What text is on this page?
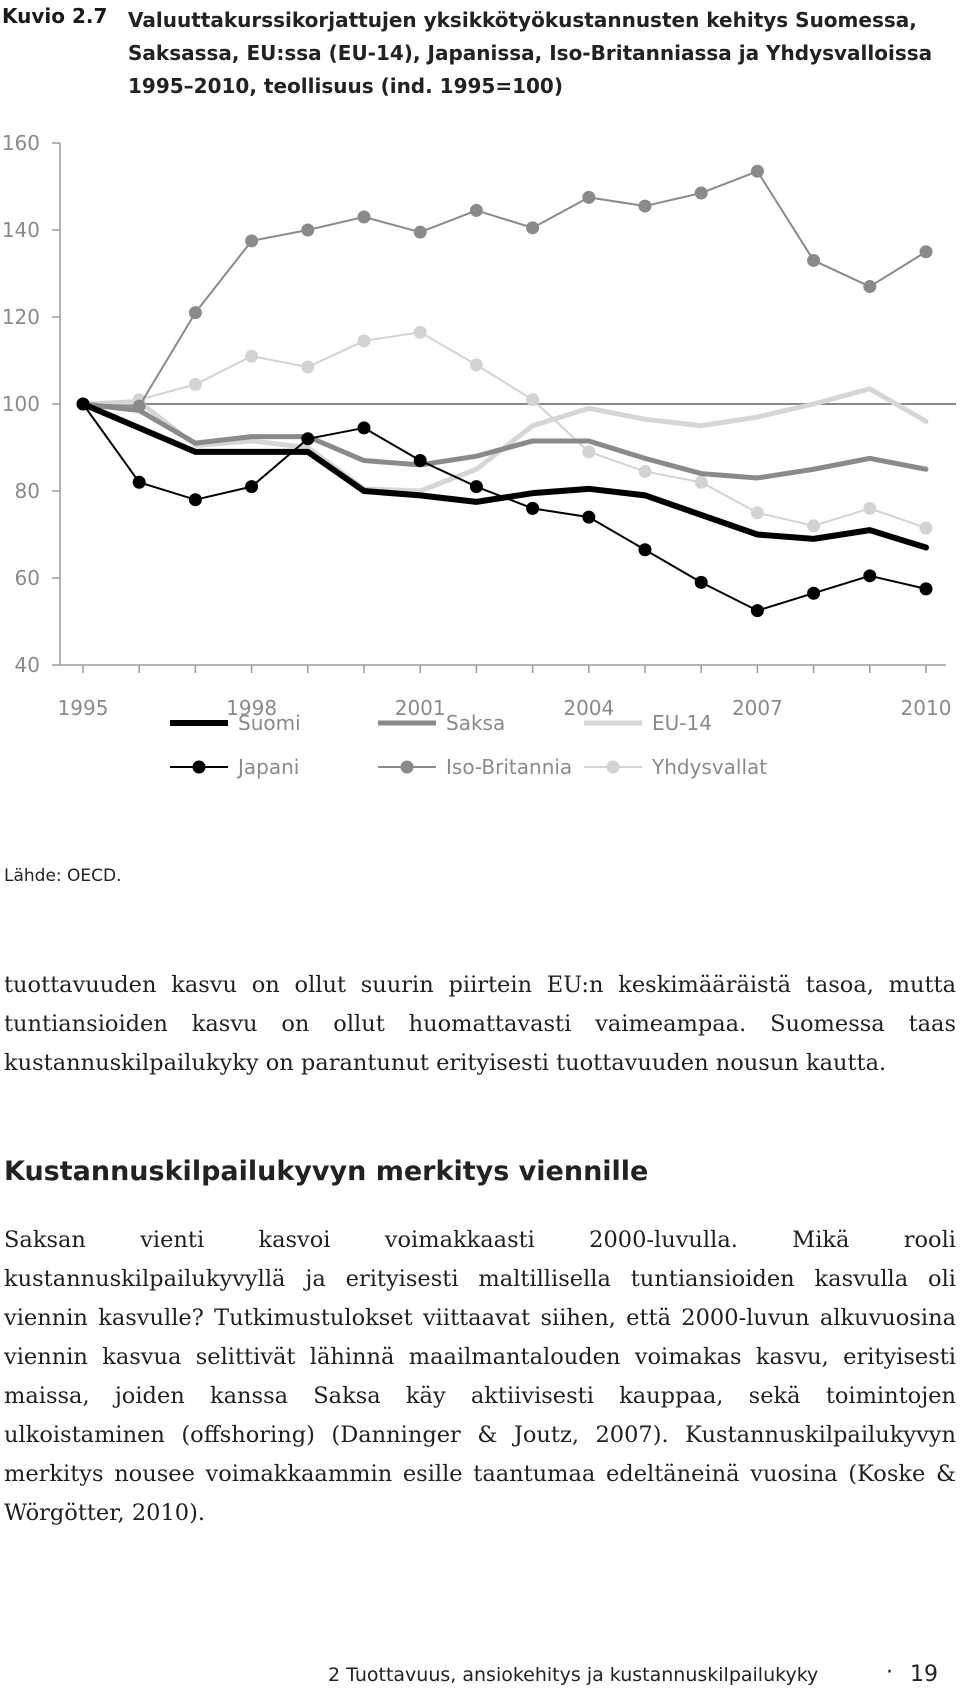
Kuvio 2.7 Valuuttakurssikorjattujen yksikkötyökustannusten kehitys Suomessa, Saksassa, EU:ssa (EU-14), Japanissa, Iso-Britanniassa ja Yhdysvalloissa 1995–2010, teollisuus (ind. 1995=100)
40
60
80
100
120
140
160
1995	1998	2001	2004	2007	2010
Suomi	Saksa	EU-14
Japani	Iso-Britannia	Yhdysvallat
Lähde: OECD.
tuottavuuden kasvu on ollut suurin piirtein EU:n keskimääräistä tasoa, mutta tuntiansioiden kasvu on ollut huomattavasti vaimeampaa. Suomessa taas kustannuskilpailukyky on parantunut erityisesti tuottavuuden nousun kautta.
Kustannuskilpailukyvyn merkitys viennille
Saksan vienti kasvoi voimakkaasti 2000-luvulla. Mikä rooli kustannuskilpailukyvyllä ja erityisesti maltillisella tuntiansioiden kasvulla oli viennin kasvulle? Tutkimustulokset viittaavat siihen, että 2000-luvun alkuvuosina viennin kasvua selittivät lähinnä maailmantalouden voimakas kasvu, erityisesti maissa, joiden kanssa Saksa käy aktiivisesti kauppaa, sekä toimintojen ulkoistaminen (offshoring) (Danninger & Joutz, 2007). Kustannuskilpailukyvyn merkitys nousee voimakkaammin esille taantumaa edeltäneinä vuosina (Koske & Wörgötter, 2010).
2 Tuottavuus, ansiokehitys ja kustannuskilpailukyky	· 19
